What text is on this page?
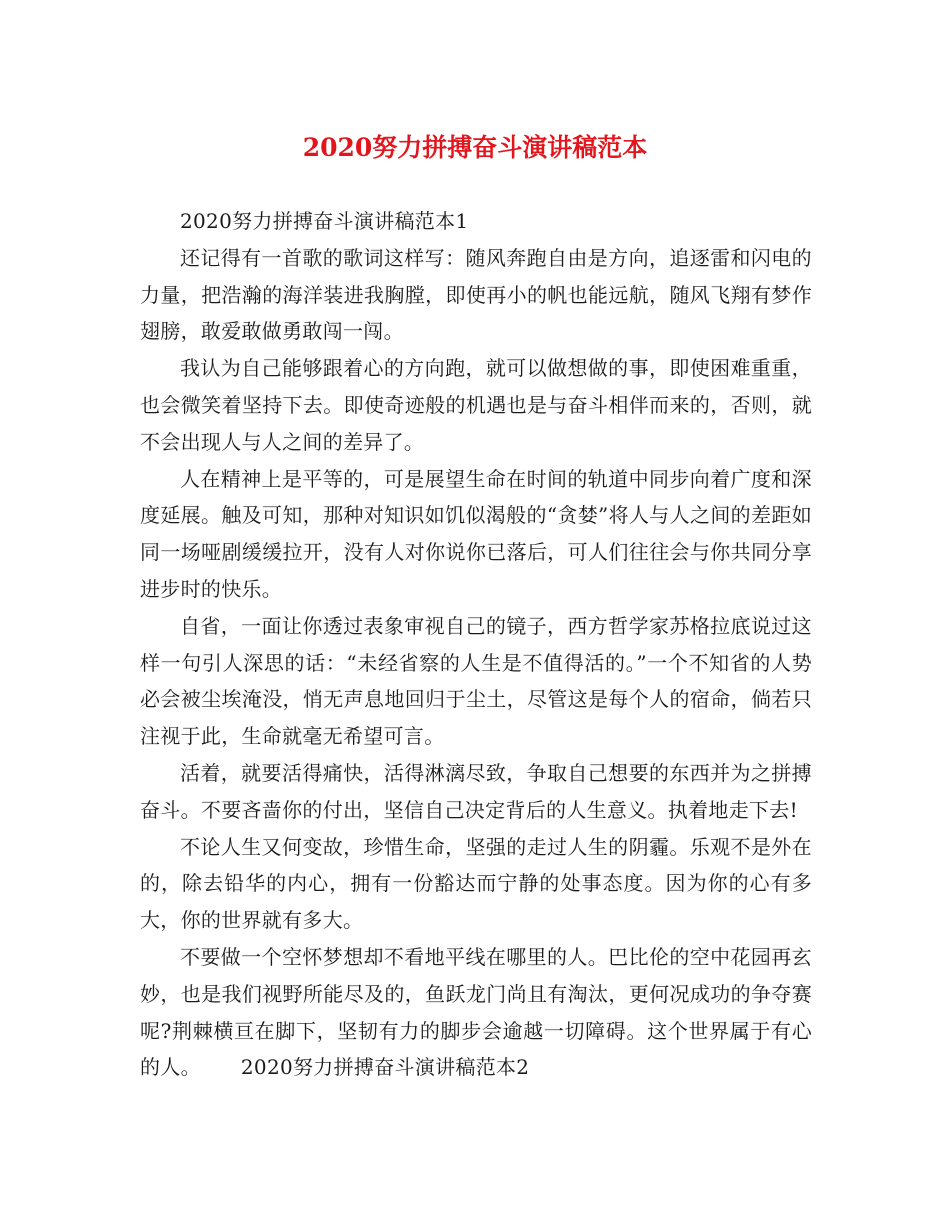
2020努力拼搏奋斗演讲稿范本
2020努力拼搏奋斗演讲稿范本1

还记得有一首歌的歌词这样写：随风奔跑自由是方向，追逐雷和闪电的力量，把浩瀚的海洋装进我胸膛，即使再小的帆也能远航，随风飞翔有梦作翅膀，敢爱敢做勇敢闯一闯。

我认为自己能够跟着心的方向跑，就可以做想做的事，即使困难重重，也会微笑着坚持下去。即使奇迹般的机遇也是与奋斗相伴而来的，否则，就不会出现人与人之间的差异了。

人在精神上是平等的，可是展望生命在时间的轨道中同步向着广度和深度延展。触及可知，那种对知识如饥似渴般的“贪婪”将人与人之间的差距如同一场哑剧缓缓拉开，没有人对你说你已落后，可人们往往会与你共同分享进步时的快乐。

自省，一面让你透过表象审视自己的镜子，西方哲学家苏格拉底说过这样一句引人深思的话：“未经省察的人生是不值得活的。”一个不知省的人势必会被尘埃淹没，悄无声息地回归于尘土，尽管这是每个人的宿命，倘若只注视于此，生命就毫无希望可言。

活着，就要活得痛快，活得淋漓尽致，争取自己想要的东西并为之拼搏奋斗。不要吝啬你的付出，坚信自己决定背后的人生意义。执着地走下去!

不论人生又何变故，珍惜生命，坚强的走过人生的阴霾。乐观不是外在的，除去铅华的内心，拥有一份豁达而宁静的处事态度。因为你的心有多大，你的世界就有多大。

不要做一个空怀梦想却不看地平线在哪里的人。巴比伦的空中花园再玄妙，也是我们视野所能尽及的，鱼跃龙门尚且有淘汰，更何况成功的争夺赛呢?荆棘横亘在脚下，坚韧有力的脚步会逾越一切障碍。这个世界属于有心的人。 2020努力拼搏奋斗演讲稿范本2
